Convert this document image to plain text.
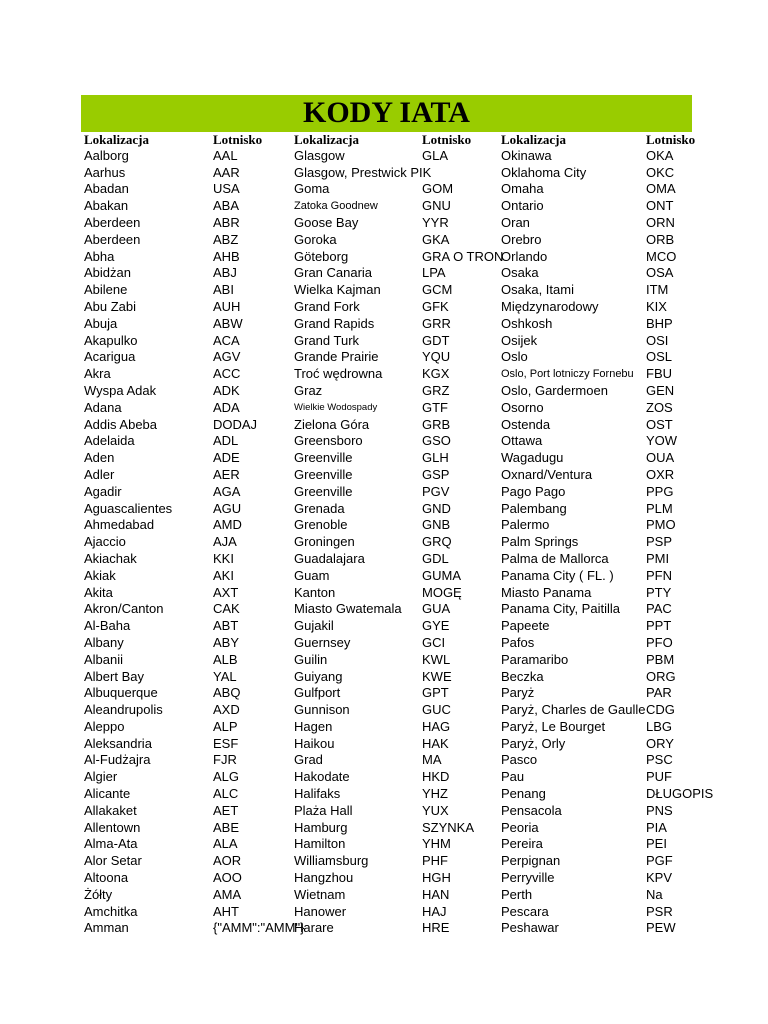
KODY IATA
Lokalizacja	Lotnisko Lokalizacja	Lotnisko Lokalizacja	Lotnisko
Aalborg	AAL	Glasgow	GLA	Okinawa	OKA
Aarhus	AAR	Glasgow, Prestwick PIK	Oklahoma City	OKC
Abadan	USA	Goma	GOM	Omaha	OMA
Abakan	ABA	Zatoka Goodnew	GNU	Ontario	ONT
Aberdeen	ABR	Goose Bay	YYR	Oran	ORN
Aberdeen	ABZ	Goroka	GKA	Orebro	ORB
Abha	AHB	Göteborg	GRA O TRON
Orlando	MCO
Abidżan	ABJ	Gran Canaria	LPA	Osaka	OSA
Abilene	ABI	Wielka Kajman	GCM	Osaka, Itami	ITM
Abu Zabi	AUH	Grand Fork	GFK	Międzynarodowy	KIX
Abuja	ABW	Grand Rapids	GRR	Oshkosh	BHP
Akapulko	ACA	Grand Turk	GDT	Osijek	OSI
Acarigua	AGV	Grande Prairie	YQU	Oslo	OSL
Akra	ACC	Troć wędrowna	KGX	Oslo, Port lotniczy Fornebu FBU
Wyspa Adak	ADK	Graz	GRZ	Oslo, Gardermoen	GEN
Adana	ADA	Wielkie Wodospady	GTF	Osorno	ZOS
Addis Abeba	DODAJ	Zielona Góra	GRB	Ostenda	OST
Adelaida	ADL	Greensboro	GSO	Ottawa	YOW
Aden	ADE	Greenville	GLH	Wagadugu	OUA
Adler	AER	Greenville	GSP	Oxnard/Ventura	OXR
Agadir	AGA	Greenville	PGV	Pago Pago	PPG
Aguascalientes	AGU	Grenada	GND	Palembang	PLM
Ahmedabad	AMD	Grenoble	GNB	Palermo	PMO
Ajaccio	AJA	Groningen	GRQ	Palm Springs	PSP
Akiachak	KKI	Guadalajara	GDL	Palma de Mallorca	PMI
Akiak	AKI	Guam	GUMA	Panama City ( FL. ) PFN
Akita	AXT	Kanton	MOGĘ	Miasto Panama	PTY
Akron/Canton	CAK	Miasto Gwatemala GUA	Panama City, Paitilla PAC
Al-Baha	ABT	Gujakil	GYE	Papeete	PPT
Albany	ABY	Guernsey	GCI	Pafos	PFO
Albanii	ALB	Guilin	KWL	Paramaribo	PBM
Albert Bay	YAL	Guiyang	KWE	Beczka	ORG
Albuquerque	ABQ	Gulfport	GPT	Paryż	PAR
Aleandrupolis	AXD	Gunnison	GUC	Paryż, Charles de Gaulle CDG
Aleppo	ALP	Hagen	HAG	Paryż, Le Bourget	LBG
Aleksandria	ESF	Haikou	HAK	Paryż, Orly	ORY
Al-Fudżajra	FJR	Grad	MA	Pasco	PSC
Algier	ALG	Hakodate	HKD	Pau	PUF
Alicante	ALC	Halifaks	YHZ	Penang	DŁUGOPIS
Allakaket	AET	Plaża Hall	YUX	Pensacola	PNS
Allentown	ABE	Hamburg	SZYNKA Peoria	PIA
Alma-Ata	ALA	Hamilton	YHM	Pereira	PEI
Alor Setar	AOR	Williamsburg	PHF	Perpignan	PGF
Altoona	AOO	Hangzhou	HGH	Perryville	KPV
Żółty	AMA	Wietnam	HAN	Perth	Na
Amchitka	AHT	Hanower	HAJ	Pescara	PSR
Amman	{"AMM":"AMM"}
Harare	HRE	Peshawar	PEW
